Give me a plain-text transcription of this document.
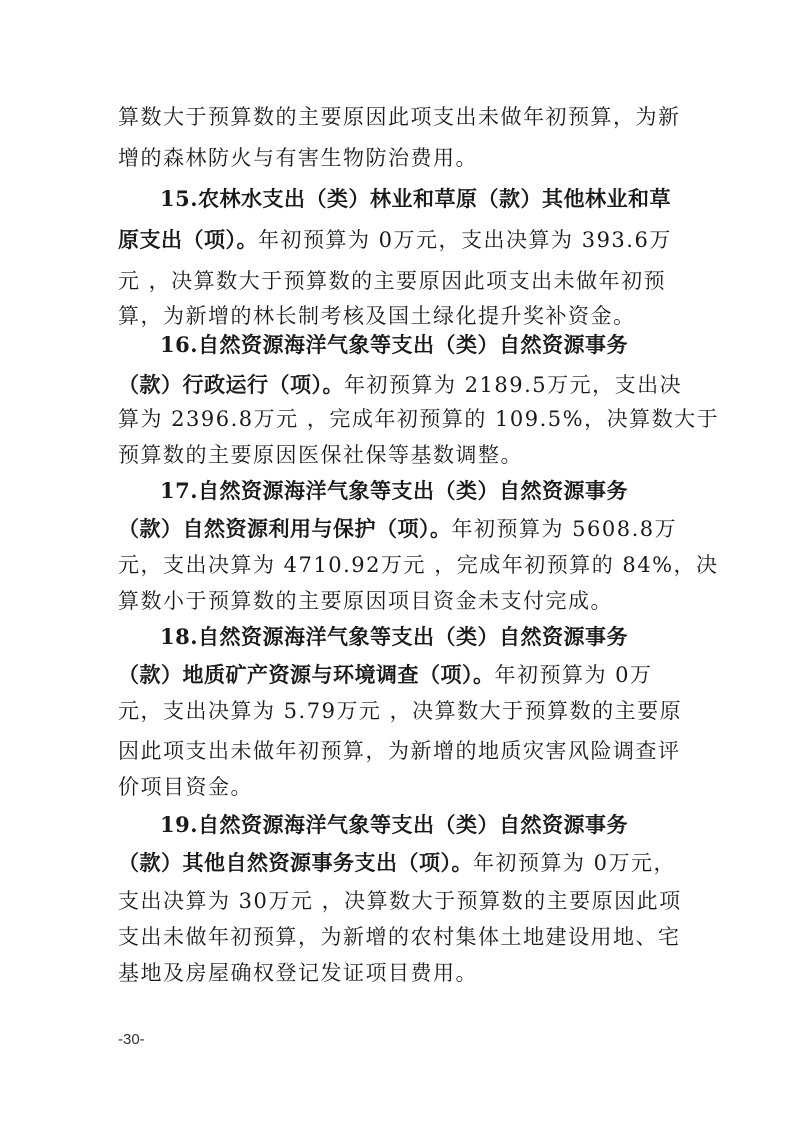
算数大于预算数的主要原因此项支出未做年初预算，为新
增的森林防火与有害生物防治费用。
15.农林水支出（类）林业和草原（款）其他林业和草
原支出（项）。年初预算为 0万元，支出决算为 393.6万
元 ，决算数大于预算数的主要原因此项支出未做年初预
算，为新增的林长制考核及国土绿化提升奖补资金。
16.自然资源海洋气象等支出（类）自然资源事务
（款）行政运行（项）。年初预算为 2189.5万元，支出决
算为 2396.8万元 ，完成年初预算的 109.5%，决算数大于
预算数的主要原因医保社保等基数调整。
17.自然资源海洋气象等支出（类）自然资源事务
（款）自然资源利用与保护（项）。年初预算为 5608.8万
元，支出决算为 4710.92万元 ，完成年初预算的 84%，决
算数小于预算数的主要原因项目资金未支付完成。
18.自然资源海洋气象等支出（类）自然资源事务
（款）地质矿产资源与环境调查（项）。年初预算为 0万
元，支出决算为 5.79万元 ，决算数大于预算数的主要原
因此项支出未做年初预算，为新增的地质灾害风险调查评
价项目资金。
19.自然资源海洋气象等支出（类）自然资源事务
（款）其他自然资源事务支出（项）。年初预算为 0万元，
支出决算为 30万元 ，决算数大于预算数的主要原因此项
支出未做年初预算，为新增的农村集体土地建设用地、宅
基地及房屋确权登记发证项目费用。
-30-
